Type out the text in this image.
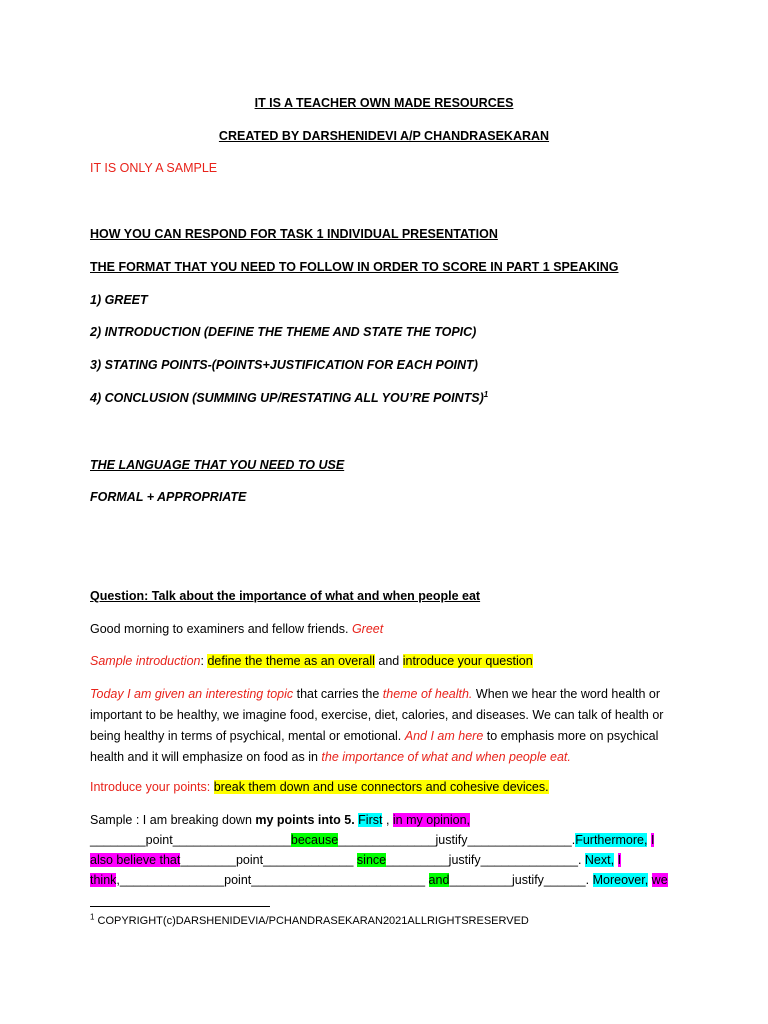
IT IS A TEACHER OWN MADE RESOURCES
CREATED BY DARSHENIDEVI A/P CHANDRASEKARAN
IT IS ONLY A SAMPLE
HOW YOU CAN RESPOND FOR TASK 1 INDIVIDUAL PRESENTATION
THE FORMAT THAT YOU NEED TO FOLLOW IN ORDER TO SCORE IN PART 1 SPEAKING
1) GREET
2) INTRODUCTION (DEFINE THE THEME AND STATE THE TOPIC)
3) STATING POINTS-(POINTS+JUSTIFICATION FOR EACH POINT)
4) CONCLUSION (SUMMING UP/RESTATING ALL YOU’RE POINTS)$^1$
THE LANGUAGE THAT YOU NEED TO USE
FORMAL + APPROPRIATE
Question: Talk about the importance of what and when people eat
Good morning to examiners and fellow friends. Greet
Sample introduction: define the theme as an overall and introduce your question
Today I am given an interesting topic that carries the theme of health. When we hear the word health or important to be healthy, we imagine food, exercise, diet, calories, and diseases. We can talk of health or being healthy in terms of psychical, mental or emotional. And I am here to emphasis more on psychical health and it will emphasize on food as in the importance of what and when people eat.
Introduce your points: break them down and use connectors and cohesive devices.
Sample : I am breaking down my points into 5. First , in my opinion,
________point_________________because______________justify_______________.Furthermore, I
also believe that________point_____________ since_________justify______________. Next, I
think,_______________point_________________________ and_________justify______. Moreover, we
$^1$ COPYRIGHT(c)DARSHENIDEVIA/PCHANDRASEKARAN2021ALLRIGHTSRESERVED
